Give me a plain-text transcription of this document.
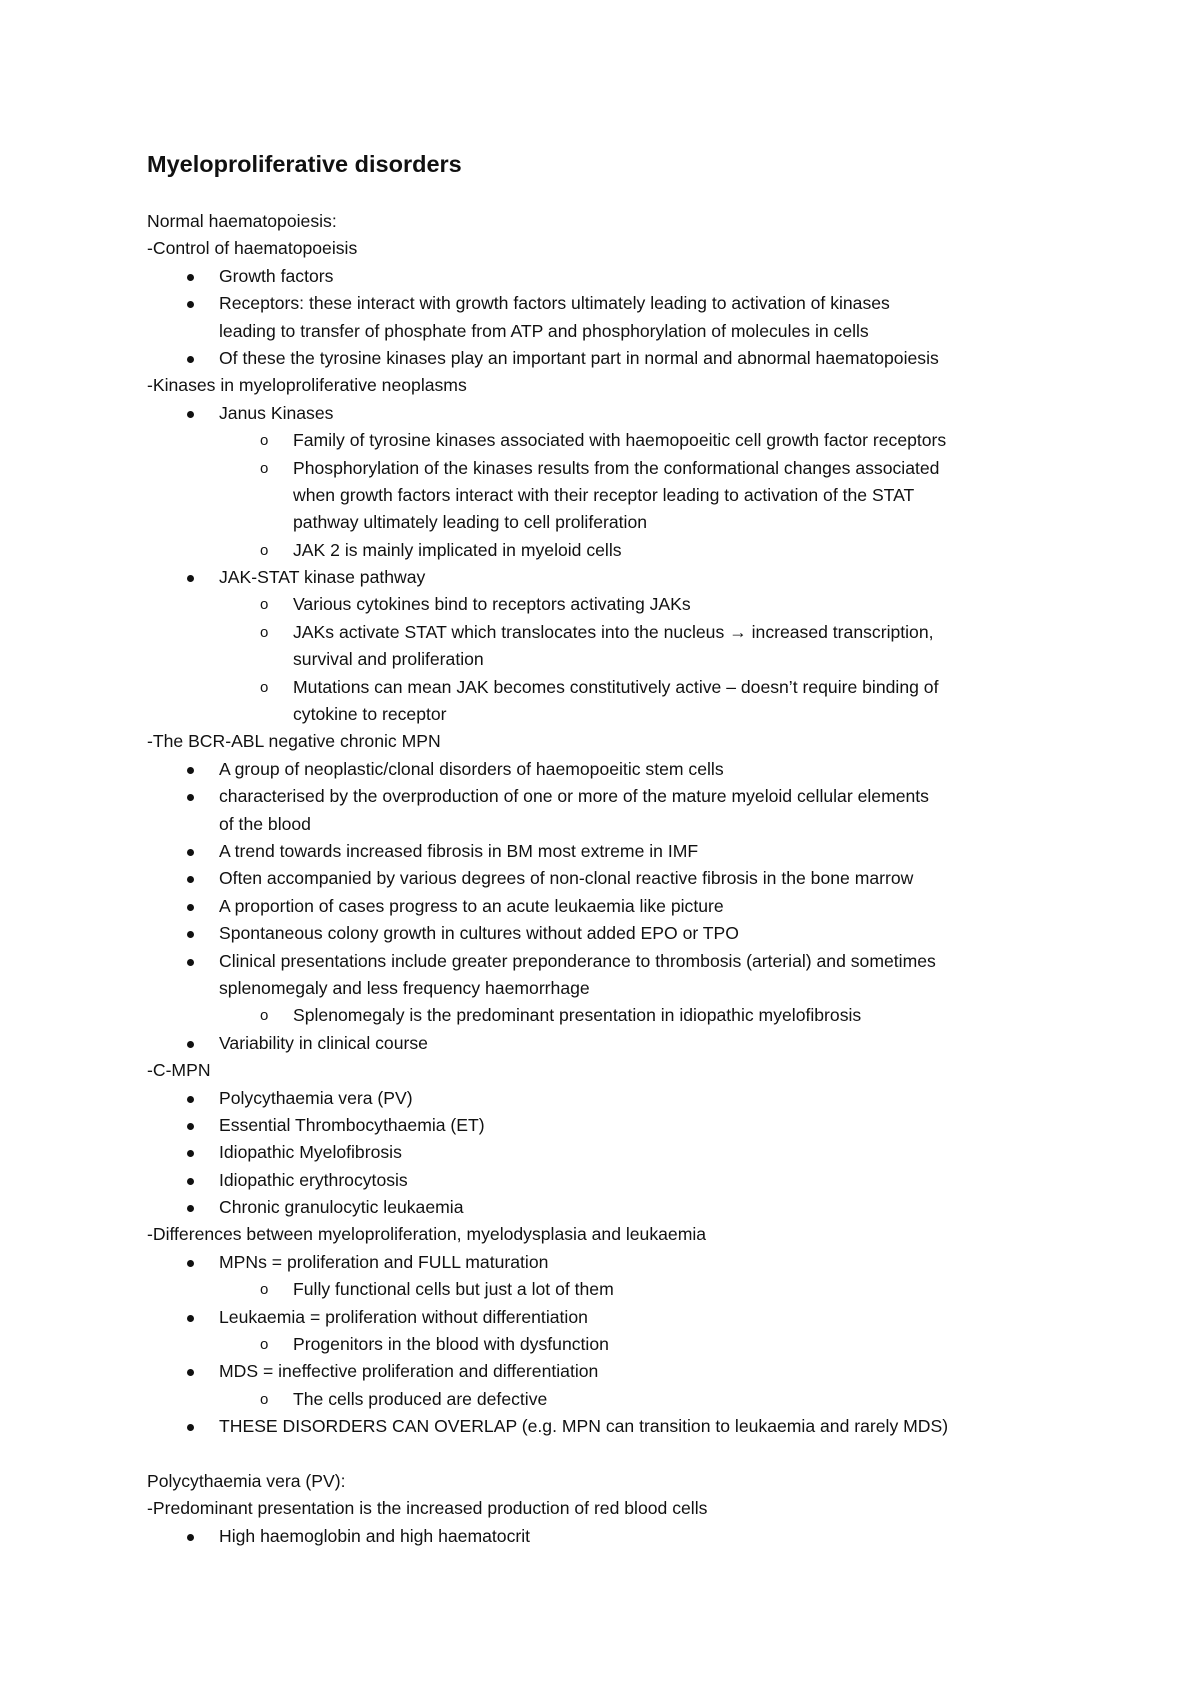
Myeloproliferative disorders
Normal haematopoiesis:
-Control of haematopoeisis
Growth factors
Receptors: these interact with growth factors ultimately leading to activation of kinases
leading to transfer of phosphate from ATP and phosphorylation of molecules in cells
Of these the tyrosine kinases play an important part in normal and abnormal haematopoiesis
-Kinases in myeloproliferative neoplasms
Janus Kinases
o Family of tyrosine kinases associated with haemopoeitic cell growth factor receptors
o Phosphorylation of the kinases results from the conformational changes associated
when growth factors interact with their receptor leading to activation of the STAT
pathway ultimately leading to cell proliferation
o JAK 2 is mainly implicated in myeloid cells
JAK-STAT kinase pathway
o Various cytokines bind to receptors activating JAKs
o JAKs activate STAT which translocates into the nucleus → increased transcription,
survival and proliferation
o Mutations can mean JAK becomes constitutively active – doesn’t require binding of
cytokine to receptor
-The BCR-ABL negative chronic MPN
A group of neoplastic/clonal disorders of haemopoeitic stem cells
characterised by the overproduction of one or more of the mature myeloid cellular elements
of the blood
A trend towards increased fibrosis in BM most extreme in IMF
Often accompanied by various degrees of non-clonal reactive fibrosis in the bone marrow
A proportion of cases progress to an acute leukaemia like picture
Spontaneous colony growth in cultures without added EPO or TPO
Clinical presentations include greater preponderance to thrombosis (arterial) and sometimes
splenomegaly and less frequency haemorrhage
o Splenomegaly is the predominant presentation in idiopathic myelofibrosis
Variability in clinical course
-C-MPN
Polycythaemia vera (PV)
Essential Thrombocythaemia (ET)
Idiopathic Myelofibrosis
Idiopathic erythrocytosis
Chronic granulocytic leukaemia
-Differences between myeloproliferation, myelodysplasia and leukaemia
MPNs = proliferation and FULL maturation
o Fully functional cells but just a lot of them
Leukaemia = proliferation without differentiation
o Progenitors in the blood with dysfunction
MDS = ineffective proliferation and differentiation
o The cells produced are defective
THESE DISORDERS CAN OVERLAP (e.g. MPN can transition to leukaemia and rarely MDS)
Polycythaemia vera (PV):
-Predominant presentation is the increased production of red blood cells
High haemoglobin and high haematocrit
